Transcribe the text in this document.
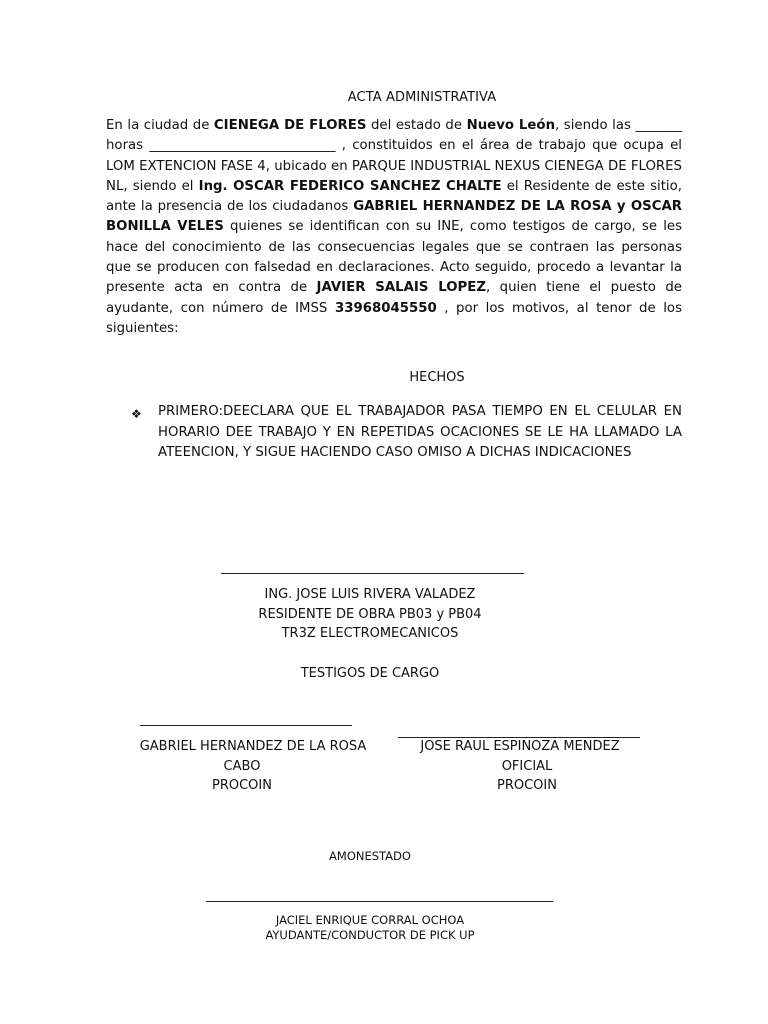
ACTA ADMINISTRATIVA
En la ciudad de CIENEGA DE FLORES del estado de Nuevo León, siendo las _______ horas ____________________________ , constituidos en el área de trabajo que ocupa el LOM EXTENCION FASE 4, ubicado en PARQUE INDUSTRIAL NEXUS CIENEGA DE FLORES NL, siendo el Ing. OSCAR FEDERICO SANCHEZ CHALTE el Residente de este sitio, ante la presencia de los ciudadanos GABRIEL HERNANDEZ DE LA ROSA y OSCAR BONILLA VELES quienes se identifican con su INE, como testigos de cargo, se les hace del conocimiento de las consecuencias legales que se contraen las personas que se producen con falsedad en declaraciones. Acto seguido, procedo a levantar la presente acta en contra de JAVIER SALAIS LOPEZ, quien tiene el puesto de ayudante, con número de IMSS 33968045550 , por los motivos, al tenor de los siguientes:
HECHOS
❖ PRIMERO:DEECLARA QUE EL TRABAJADOR PASA TIEMPO EN EL CELULAR EN HORARIO DEE TRABAJO Y EN REPETIDAS OCACIONES SE LE HA LLAMADO LA ATEENCION, Y SIGUE HACIENDO CASO OMISO A DICHAS INDICACIONES
ING. JOSE LUIS RIVERA VALADEZ
RESIDENTE DE OBRA PB03 y PB04
TR3Z ELECTROMECANICOS
TESTIGOS DE CARGO
GABRIEL HERNANDEZ DE LA ROSA
CABO
PROCOIN
JOSE RAUL ESPINOZA MENDEZ
OFICIAL
PROCOIN
AMONESTADO
JACIEL ENRIQUE CORRAL OCHOA
AYUDANTE/CONDUCTOR DE PICK UP
